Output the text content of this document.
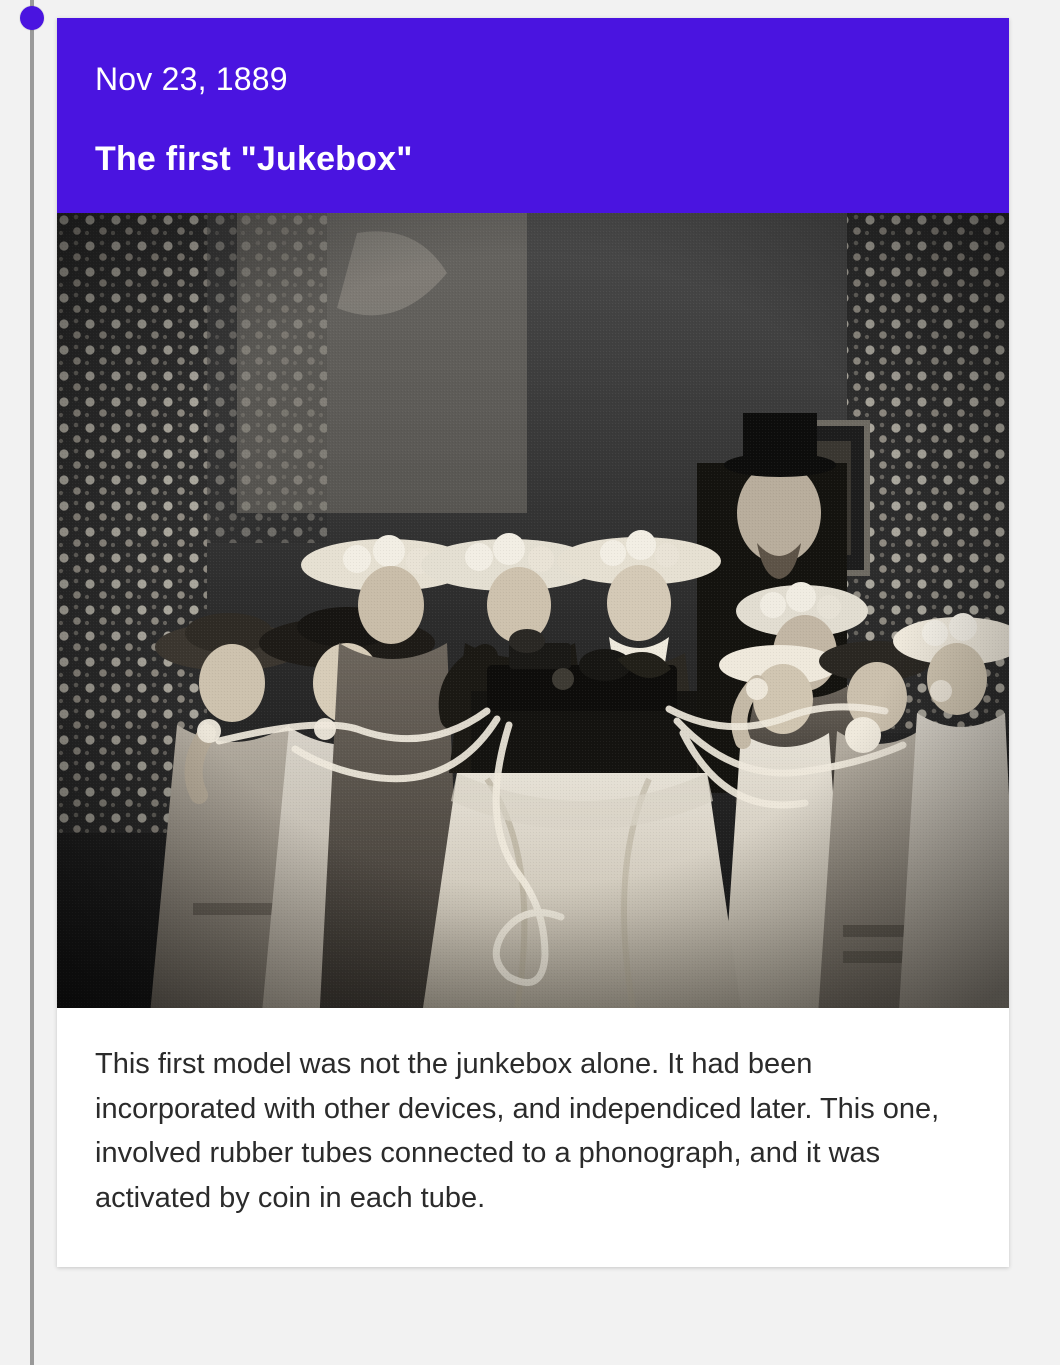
Nov 23, 1889
The first "Jukebox"

This first model was not the junkebox alone. It had been incorporated with other devices, and independiced later. This one, involved rubber tubes connected to a phonograph, and it was activated by coin in each tube.
